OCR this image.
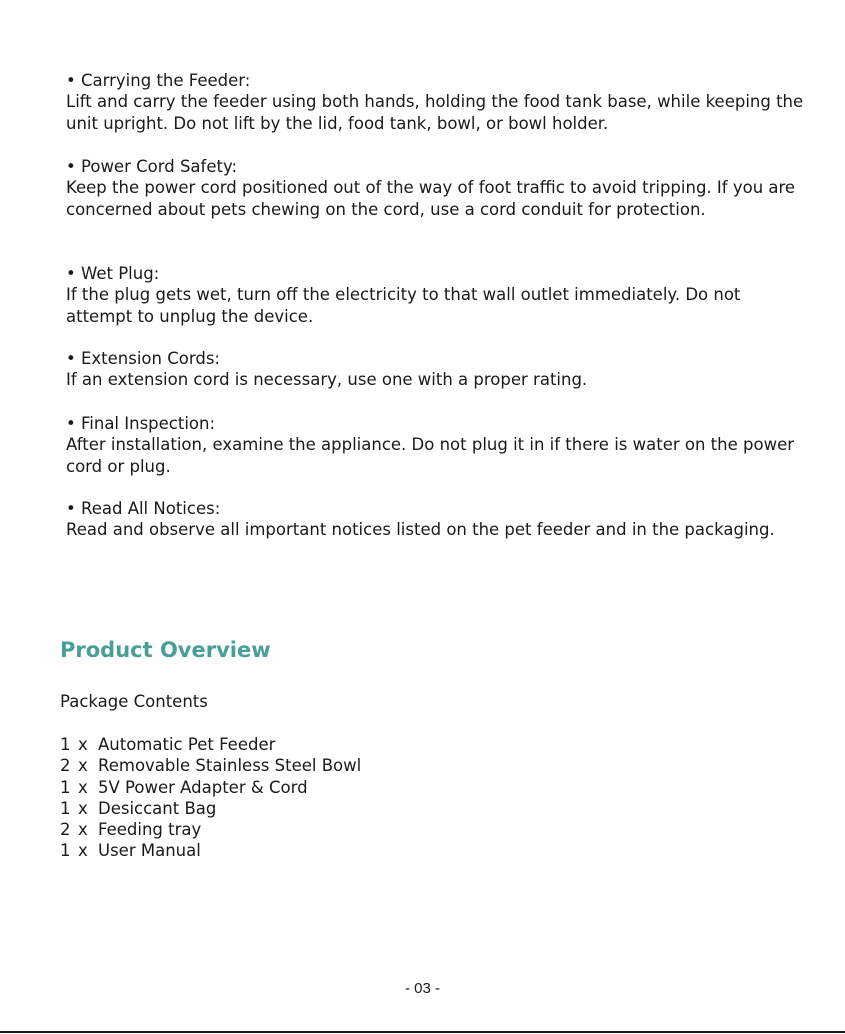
• Carrying the Feeder:
Lift and carry the feeder using both hands, holding the food tank base, while keeping the unit upright. Do not lift by the lid, food tank, bowl, or bowl holder.
• Power Cord Safety:
Keep the power cord positioned out of the way of foot traffic to avoid tripping. If you are concerned about pets chewing on the cord, use a cord conduit for protection.
• Wet Plug:
If the plug gets wet, turn off the electricity to that wall outlet immediately. Do not attempt to unplug the device.
• Extension Cords:
If an extension cord is necessary, use one with a proper rating.
• Final Inspection:
After installation, examine the appliance. Do not plug it in if there is water on the power cord or plug.
• Read All Notices:
Read and observe all important notices listed on the pet feeder and in the packaging.
Product Overview

Package Contents

1 x Automatic Pet Feeder
2 x Removable Stainless Steel Bowl
1 x 5V Power Adapter & Cord
1 x Desiccant Bag
2 x Feeding tray
1 x User Manual
- 03 -
